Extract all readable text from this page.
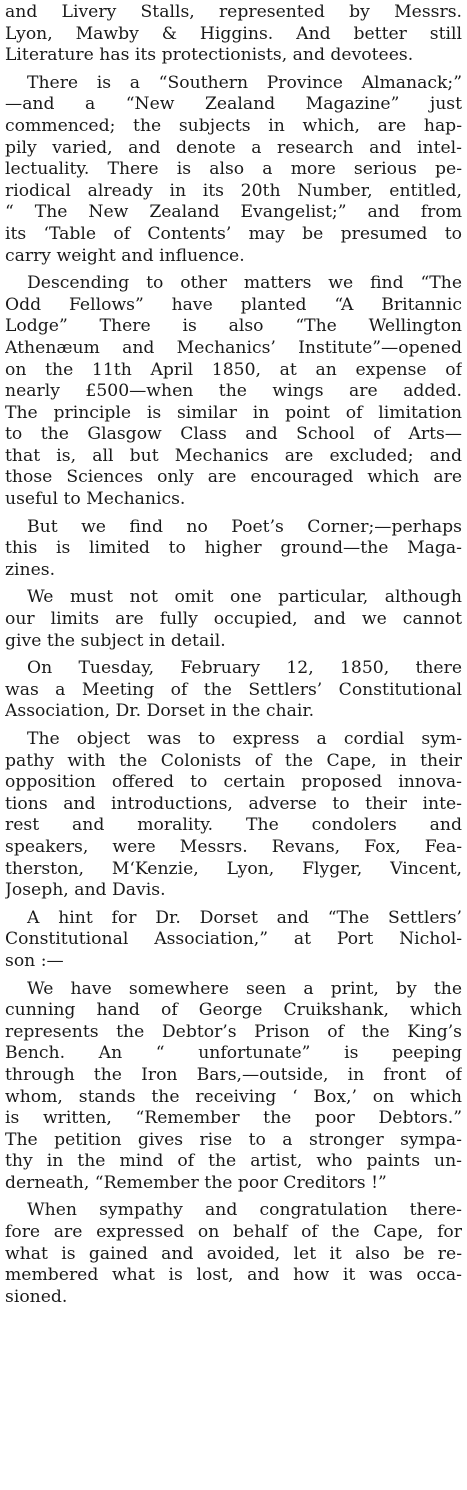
and Livery Stalls, represented by Messrs.
Lyon, Mawby & Higgins. And better still
Literature has its protectionists, and devotees.
There is a “Southern Province Almanack;”
—and a “New Zealand Magazine” just
commenced; the subjects in which, are hap-
pily varied, and denote a research and intel-
lectuality. There is also a more serious pe-
riodical already in its 20th Number, entitled,
“ The New Zealand Evangelist;” and from
its ‘Table of Contents’ may be presumed to
carry weight and influence.
Descending to other matters we find “The
Odd Fellows” have planted “A Britannic
Lodge” There is also “The Wellington
Athenæum and Mechanics’ Institute”—opened
on the 11th April 1850, at an expense of
nearly £500—when the wings are added.
The principle is similar in point of limitation
to the Glasgow Class and School of Arts—
that is, all but Mechanics are excluded; and
those Sciences only are encouraged which are
useful to Mechanics.
But we find no Poet’s Corner;—perhaps
this is limited to higher ground—the Maga-
zines.
We must not omit one particular, although
our limits are fully occupied, and we cannot
give the subject in detail.
On Tuesday, February 12, 1850, there
was a Meeting of the Settlers’ Constitutional
Association, Dr. Dorset in the chair.
The object was to express a cordial sym-
pathy with the Colonists of the Cape, in their
opposition offered to certain proposed innova-
tions and introductions, adverse to their inte-
rest and morality. The condolers and
speakers, were Messrs. Revans, Fox, Fea-
therston, M‘Kenzie, Lyon, Flyger, Vincent,
Joseph, and Davis.
A hint for Dr. Dorset and “The Settlers’
Constitutional Association,” at Port Nichol-
son :—
We have somewhere seen a print, by the
cunning hand of George Cruikshank, which
represents the Debtor’s Prison of the King’s
Bench. An “ unfortunate” is peeping
through the Iron Bars,—outside, in front of
whom, stands the receiving ‘ Box,’ on which
is written, “Remember the poor Debtors.”
The petition gives rise to a stronger sympa-
thy in the mind of the artist, who paints un-
derneath, “Remember the poor Creditors !”
When sympathy and congratulation there-
fore are expressed on behalf of the Cape, for
what is gained and avoided, let it also be re-
membered what is lost, and how it was occa-
sioned.
